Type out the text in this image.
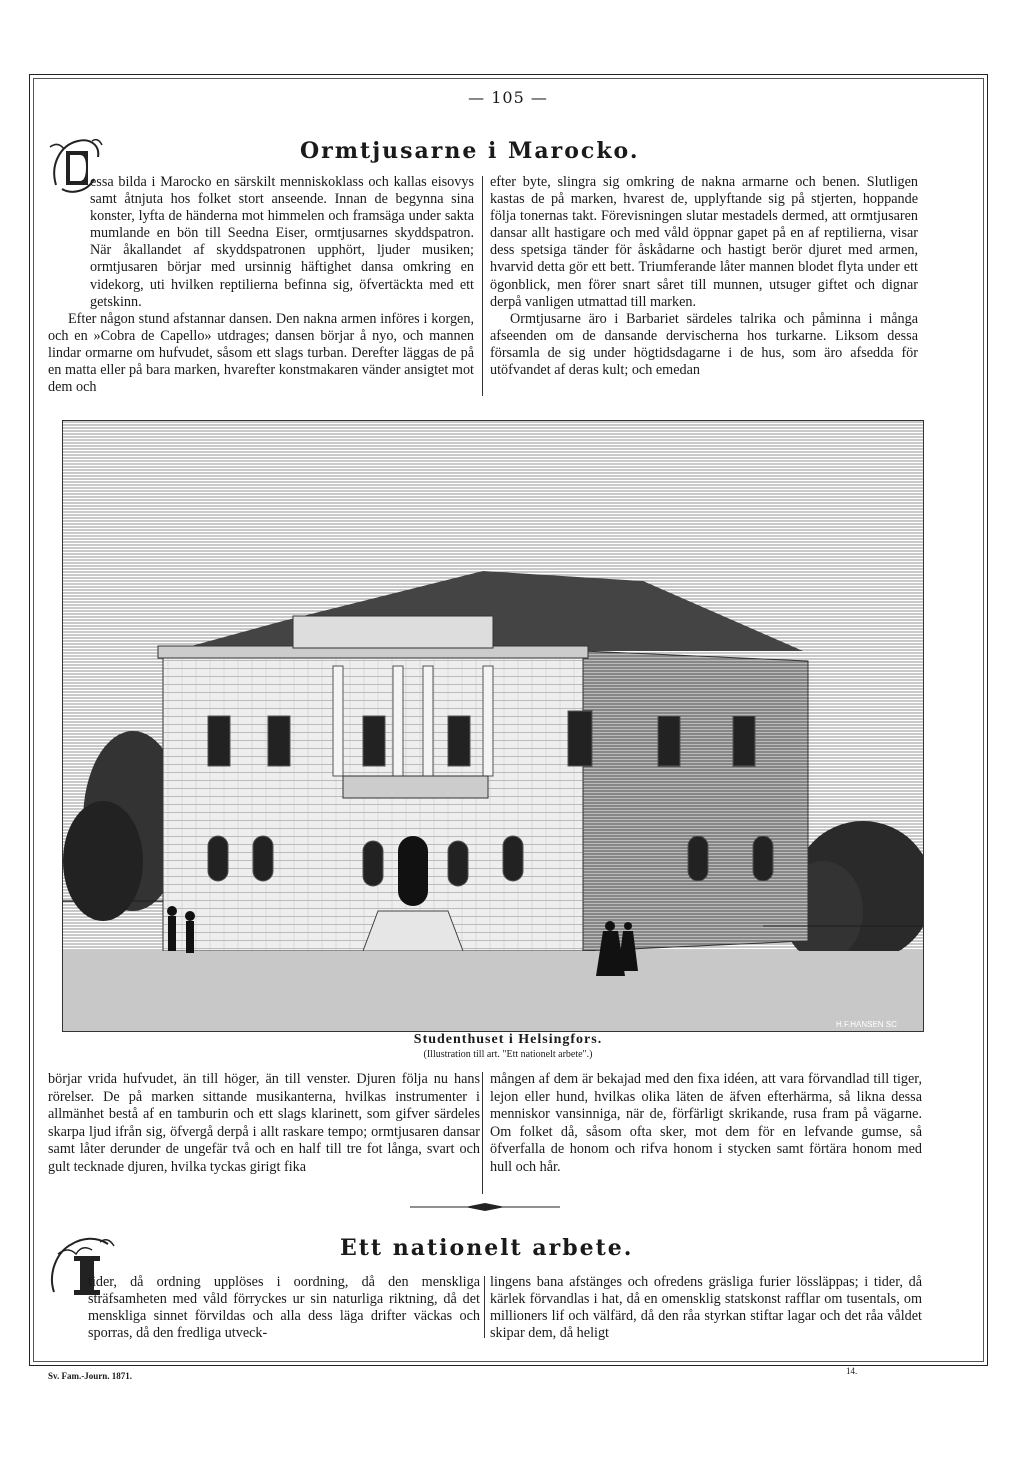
— 105 —
Ormtjusarne i Marocko.

essa bilda i Marocko en särskilt menniskoklass och kallas eisovys samt åtnjuta hos folket stort anseende. Innan de begynna sina konster, lyfta de händerna mot himmelen och framsäga under sakta mumlande en bön till Seedna Eiser, ormtjusarnes skyddspatron. När åkallandet af skyddspatronen upphört, ljuder musiken; ormtjusaren börjar med ursinnig häftighet dansa omkring en videkorg, uti hvilken reptilierna befinna sig, öfvertäckta med ett getskinn.

Efter någon stund afstannar dansen. Den nakna armen införes i korgen, och en »Cobra de Capello» utdrages; dansen börjar å nyo, och mannen lindar ormarne om hufvudet, såsom ett slags turban. Derefter läggas de på en matta eller på bara marken, hvarefter konstmakaren vänder ansigtet mot dem och

efter byte, slingra sig omkring de nakna armarne och benen. Slutligen kastas de på marken, hvarest de, upplyftande sig på stjerten, hoppande följa tonernas takt. Förevisningen slutar mestadels dermed, att ormtjusaren dansar allt hastigare och med våld öppnar gapet på en af reptilierna, visar dess spetsiga tänder för åskådarne och hastigt berör djuret med armen, hvarvid detta gör ett bett. Triumferande låter mannen blodet flyta under ett ögonblick, men förer snart såret till munnen, utsuger giftet och dignar derpå vanligen utmattad till marken.

Ormtjusarne äro i Barbariet särdeles talrika och påminna i många afseenden om de dansande dervischerna hos turkarne. Liksom dessa församla de sig under högtidsdagarne i de hus, som äro afsedda för utöfvandet af deras kult; och emedan

H.F.HANSEN SC
Studenthuset i Helsingfors.
(Illustration till art. "Ett nationelt arbete".)

börjar vrida hufvudet, än till höger, än till venster. Djuren följa nu hans rörelser. De på marken sittande musikanterna, hvilkas instrumenter i allmänhet bestå af en tamburin och ett slags klarinett, som gifver särdeles skarpa ljud ifrån sig, öfvergå derpå i allt raskare tempo; ormtjusaren dansar samt låter derunder de ungefär två och en half till tre fot långa, svart och gult tecknade djuren, hvilka tyckas girigt fika

mången af dem är bekajad med den fixa idéen, att vara förvandlad till tiger, lejon eller hund, hvilkas olika läten de äfven efterhärma, så likna dessa menniskor vansinniga, när de, förfärligt skrikande, rusa fram på vägarne. Om folket då, såsom ofta sker, mot dem för en lefvande gumse, så öfverfalla de honom och rifva honom i stycken samt förtära honom med hull och hår.

Ett nationelt arbete.

tider, då ordning upplöses i oordning, då den menskliga sträfsamheten med våld förryckes ur sin naturliga riktning, då det menskliga sinnet förvildas och alla dess läga drifter väckas och sporras, då den fredliga utveck-

lingens bana afstänges och ofredens gräsliga furier lössläppas; i tider, då kärlek förvandlas i hat, då en omensklig statskonst rafflar om tusentals, om millioners lif och välfärd, då den råa styrkan stiftar lagar och det råa våldet skipar dem, då heligt

Sv. Fam.-Journ. 1871.	14.
